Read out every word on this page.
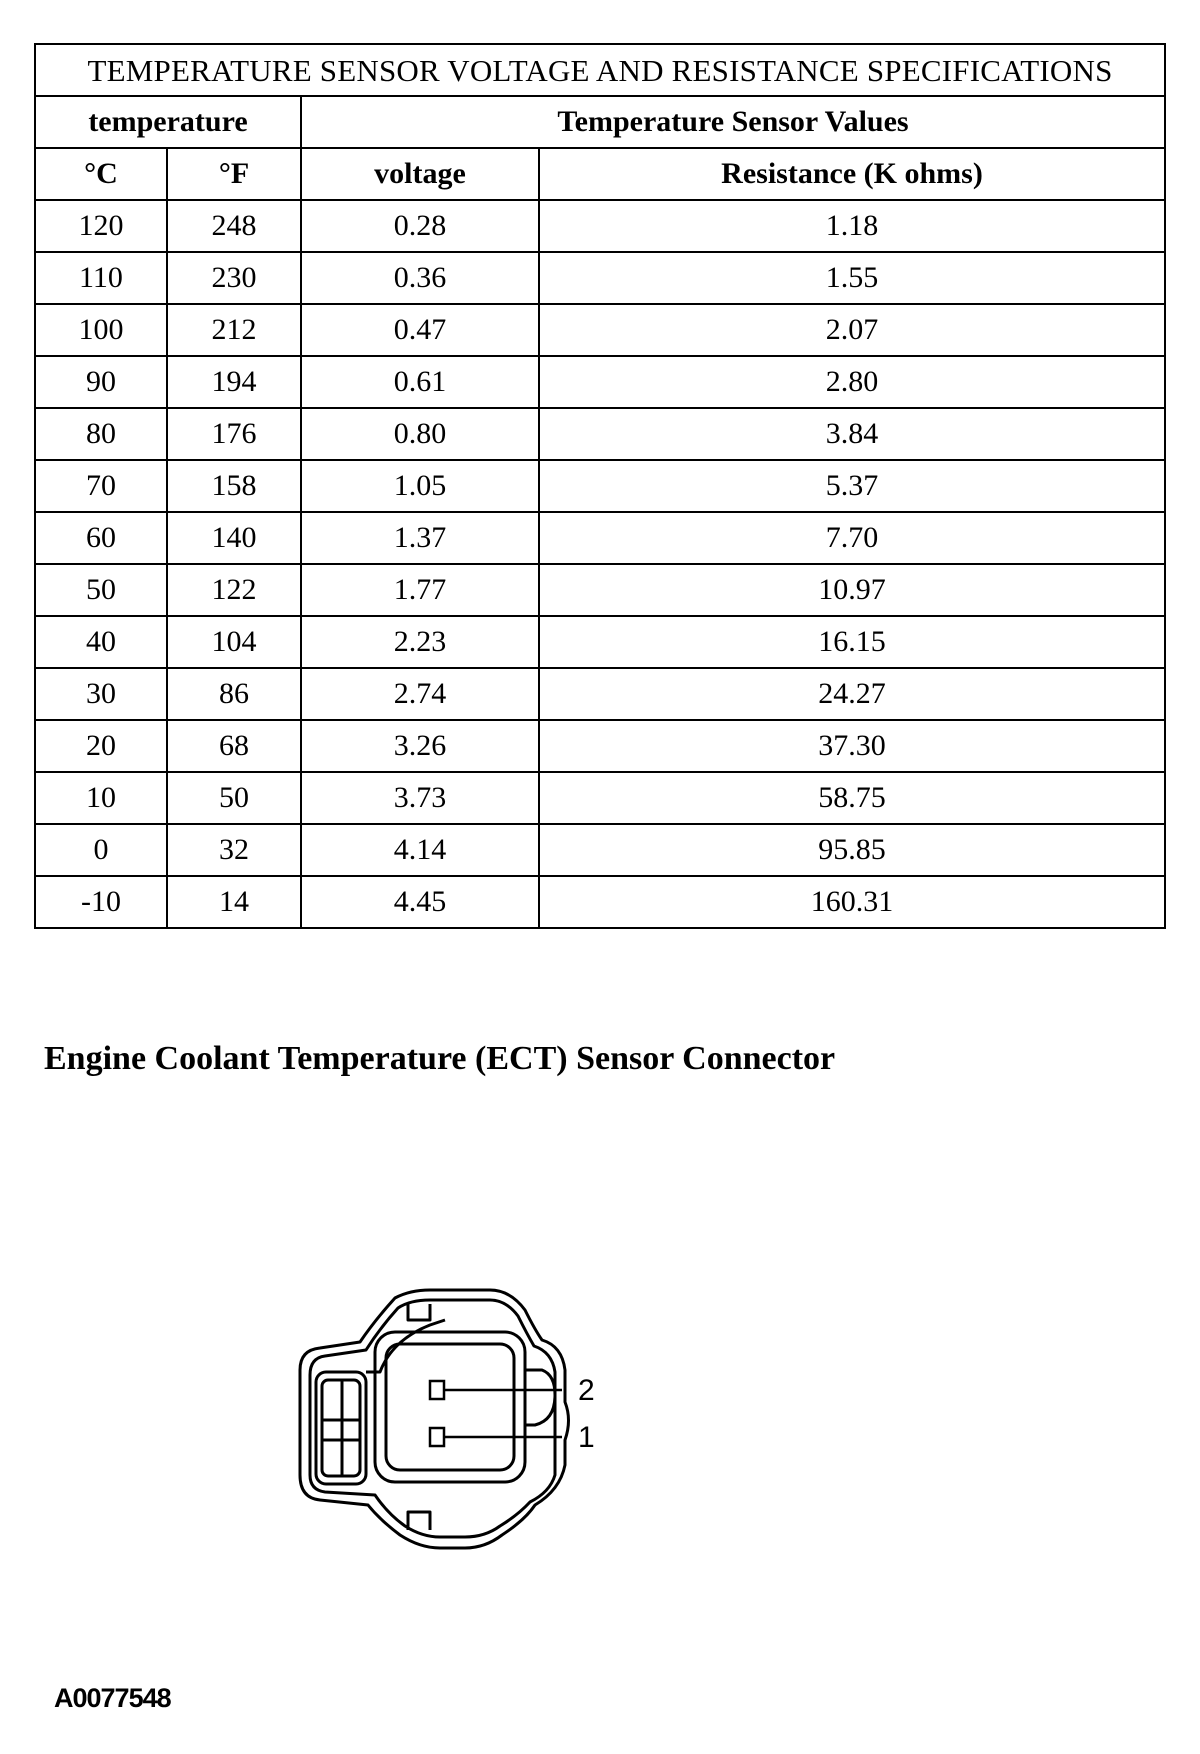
TEMPERATURE SENSOR VOLTAGE AND RESISTANCE SPECIFICATIONS			
temperature		Temperature Sensor Values	
°C	°F	voltage	Resistance (K ohms)
120	248	0.28	1.18
110	230	0.36	1.55
100	212	0.47	2.07
90	194	0.61	2.80
80	176	0.80	3.84
70	158	1.05	5.37
60	140	1.37	7.70
50	122	1.77	10.97
40	104	2.23	16.15
30	86	2.74	24.27
20	68	3.26	37.30
10	50	3.73	58.75
0	32	4.14	95.85
-10	14	4.45	160.31
Engine Coolant Temperature (ECT) Sensor Connector
2
1
A0077548
